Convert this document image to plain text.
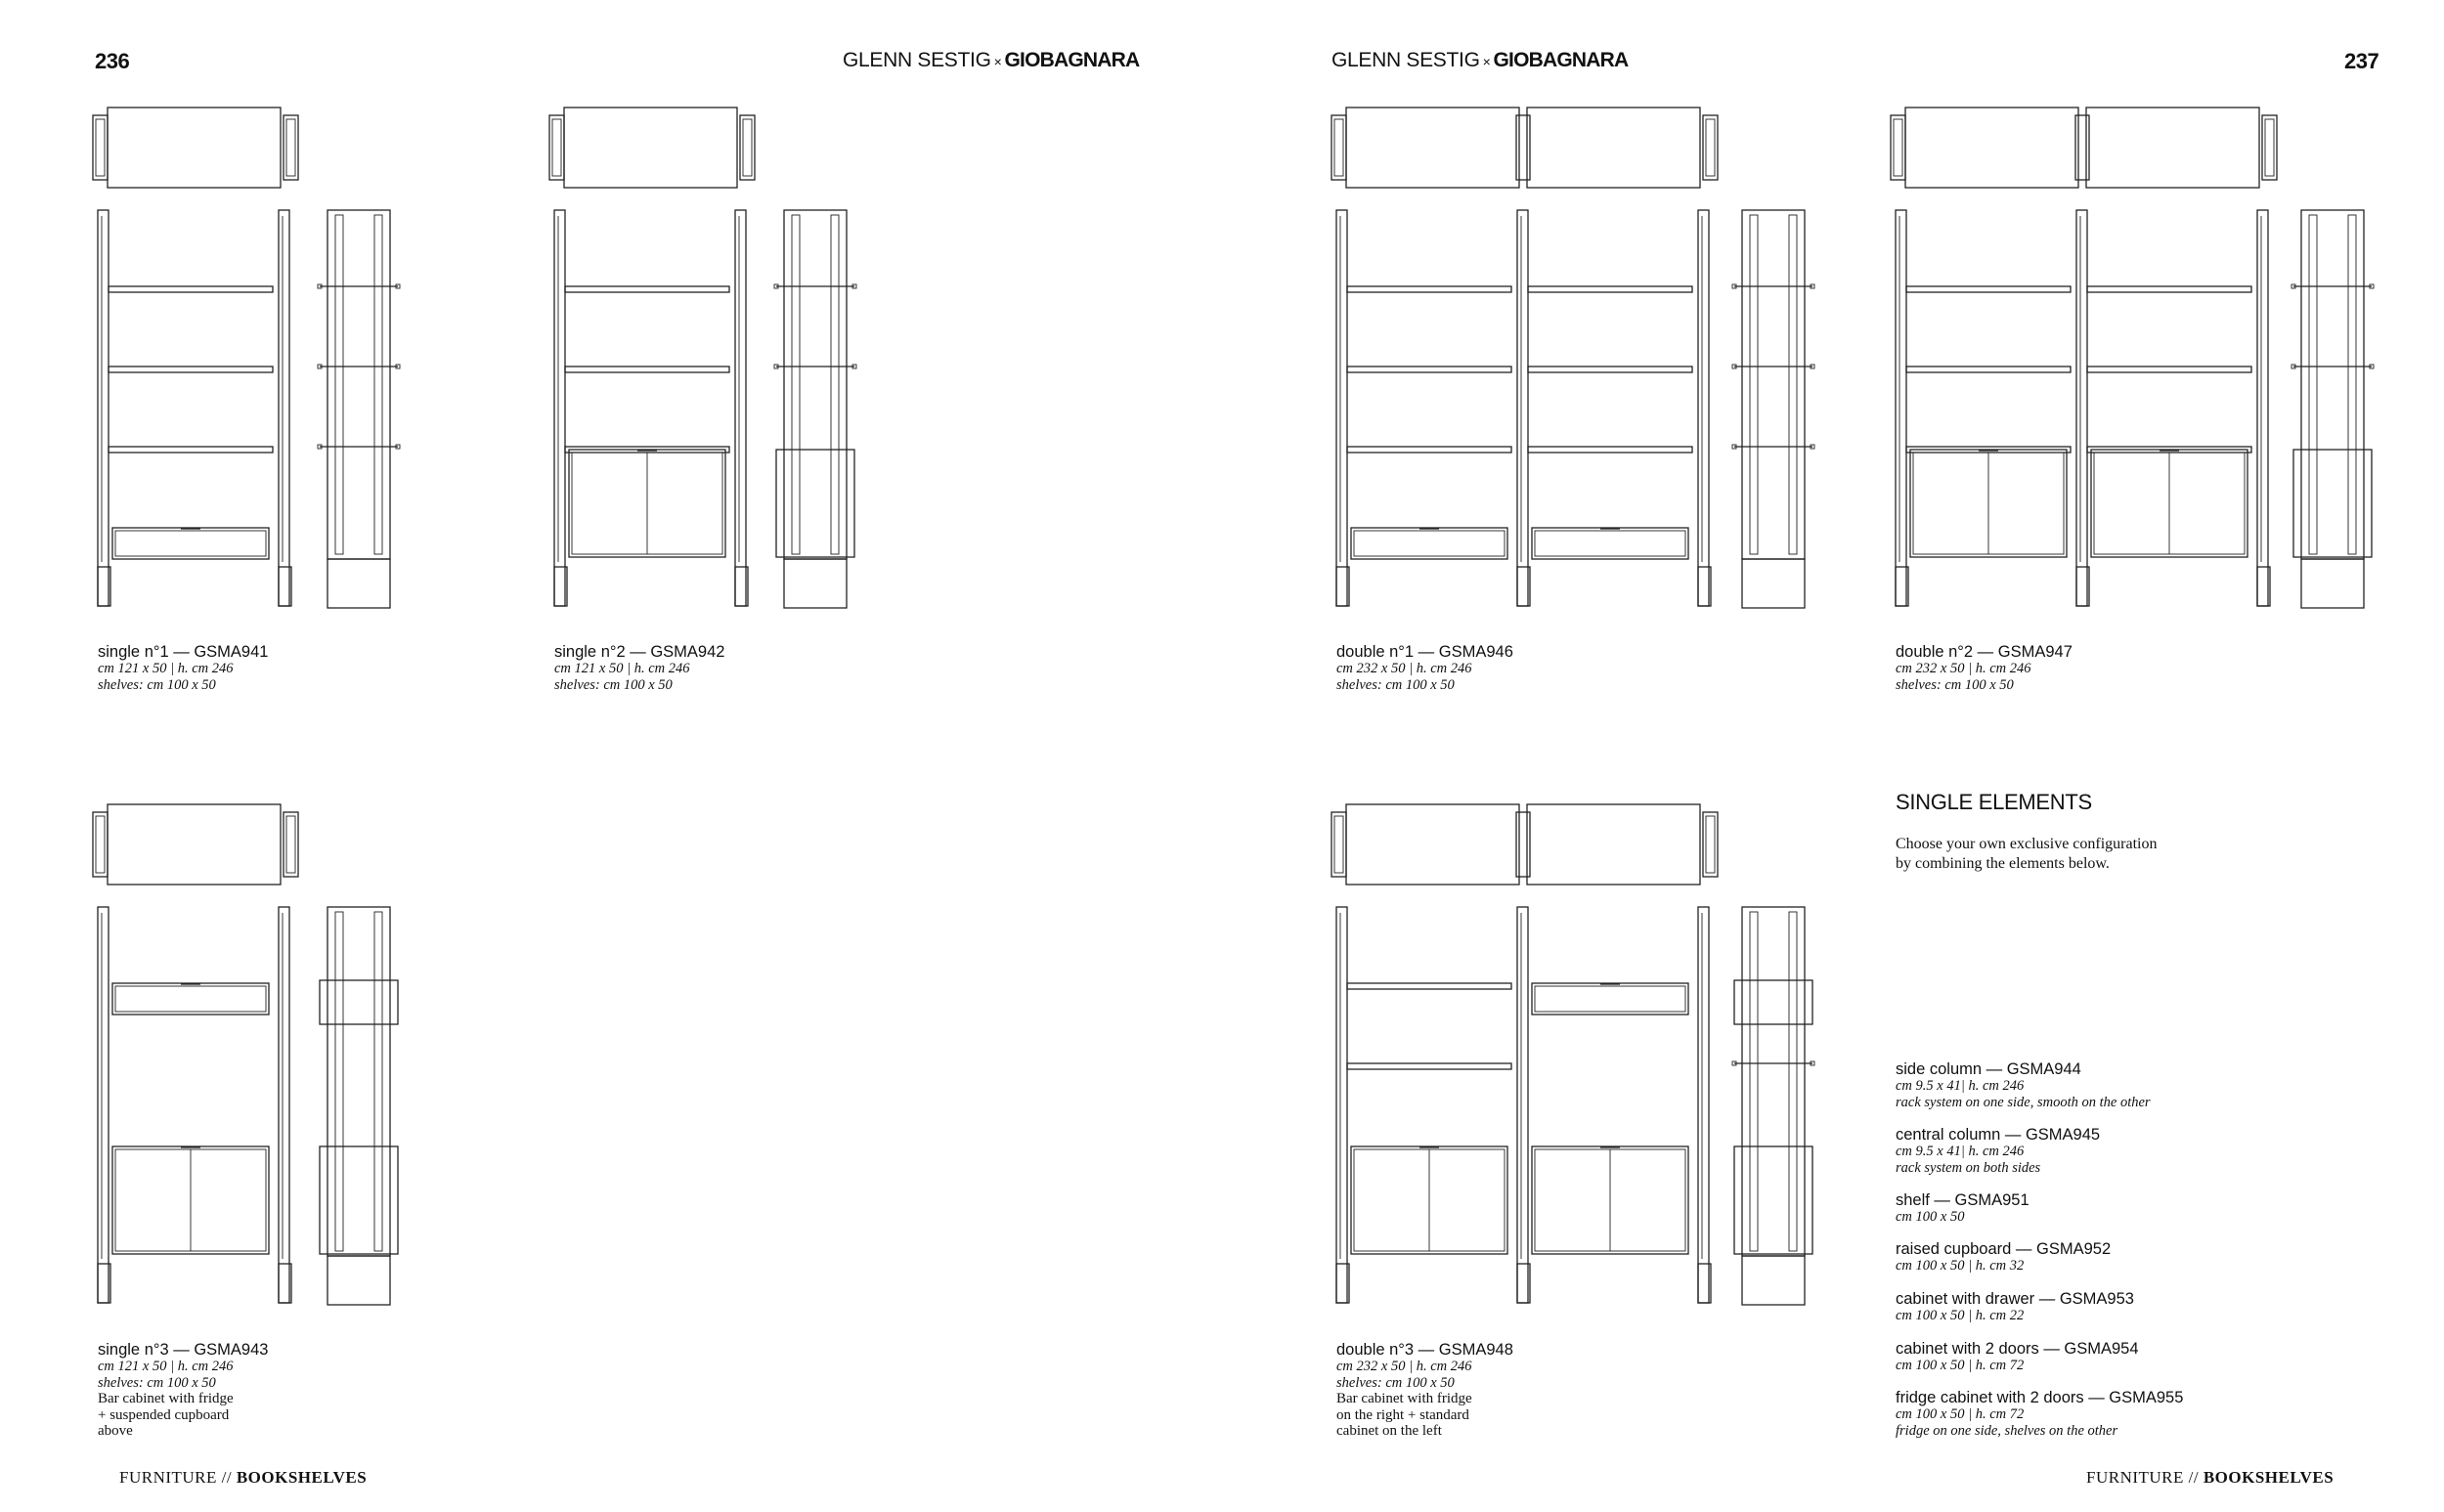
236	GLENN SESTIG × GIOBAGNARA	GLENN SESTIG × GIOBAGNARA	237
single n°1 — GSMA941
cm 121 x 50 | h. cm 246
shelves: cm 100 x 50
single n°2 — GSMA942
cm 121 x 50 | h. cm 246
shelves: cm 100 x 50
double n°1 — GSMA946
cm 232 x 50 | h. cm 246
shelves: cm 100 x 50
double n°2 — GSMA947
cm 232 x 50 | h. cm 246
shelves: cm 100 x 50
single n°3 — GSMA943
cm 121 x 50 | h. cm 246
shelves: cm 100 x 50
Bar cabinet with fridge
+ suspended cupboard
above
double n°3 — GSMA948
cm 232 x 50 | h. cm 246
shelves: cm 100 x 50
Bar cabinet with fridge
on the right + standard
cabinet on the left
SINGLE ELEMENTS
Choose your own exclusive configuration
by combining the elements below.
side column — GSMA944
cm 9.5 x 41| h. cm 246
rack system on one side, smooth on the other
central column — GSMA945
cm 9.5 x 41| h. cm 246
rack system on both sides
shelf — GSMA951
cm 100 x 50
raised cupboard — GSMA952
cm 100 x 50 | h. cm 32
cabinet with drawer — GSMA953
cm 100 x 50 | h. cm 22
cabinet with 2 doors — GSMA954
cm 100 x 50 | h. cm 72
fridge cabinet with 2 doors — GSMA955
cm 100 x 50 | h. cm 72
fridge on one side, shelves on the other
FURNITURE // BOOKSHELVES	FURNITURE // BOOKSHELVES
